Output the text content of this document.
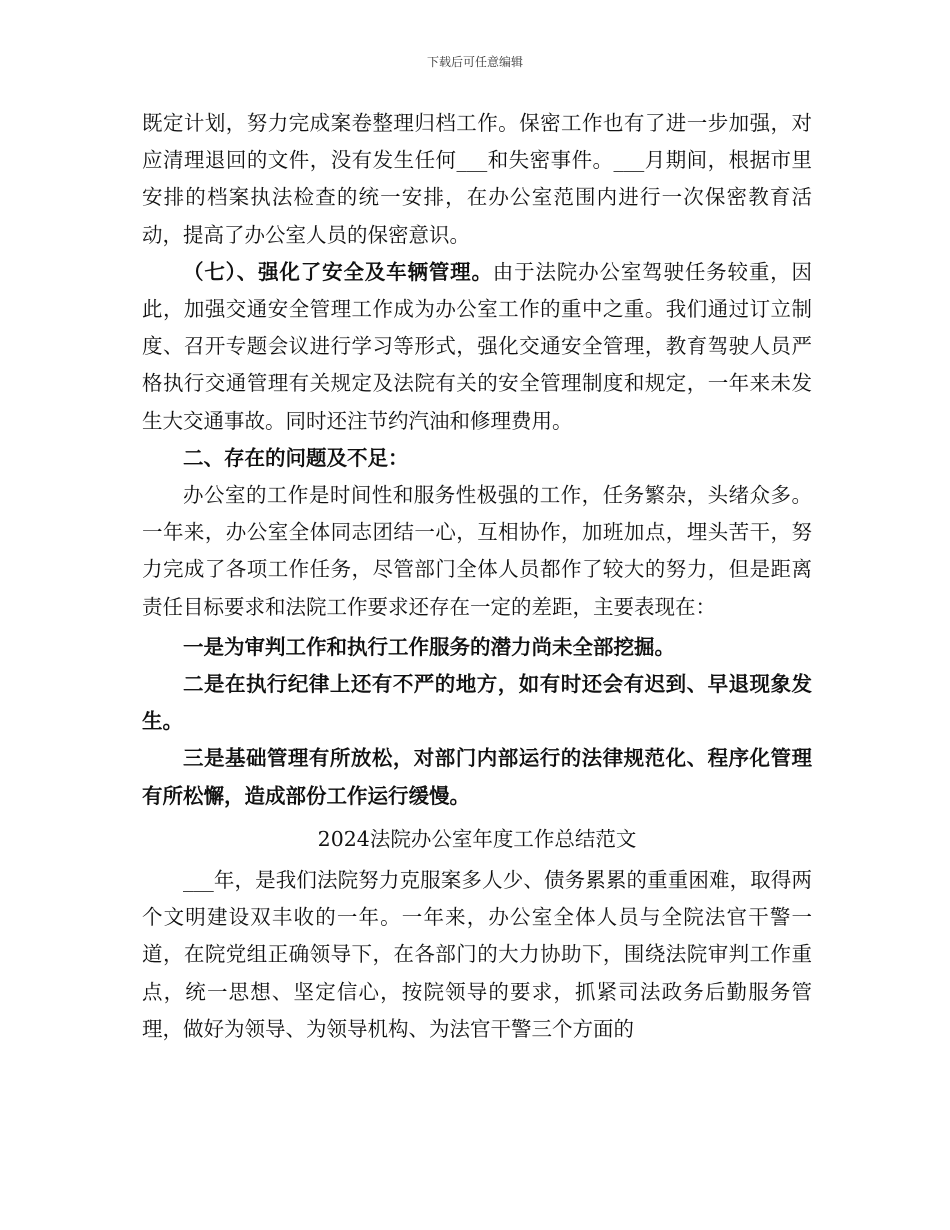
下载后可任意编辑

既定计划，努力完成案卷整理归档工作。保密工作也有了进一步加强，对应清理退回的文件，没有发生任何___和失密事件。___月期间，根据市里安排的档案执法检查的统一安排，在办公室范围内进行一次保密教育活动，提高了办公室人员的保密意识。

（七）、强化了安全及车辆管理。由于法院办公室驾驶任务较重，因此，加强交通安全管理工作成为办公室工作的重中之重。我们通过订立制度、召开专题会议进行学习等形式，强化交通安全管理，教育驾驶人员严格执行交通管理有关规定及法院有关的安全管理制度和规定，一年来未发生大交通事故。同时还注节约汽油和修理费用。

二、存在的问题及不足：

办公室的工作是时间性和服务性极强的工作，任务繁杂，头绪众多。一年来，办公室全体同志团结一心，互相协作，加班加点，埋头苦干，努力完成了各项工作任务，尽管部门全体人员都作了较大的努力，但是距离责任目标要求和法院工作要求还存在一定的差距，主要表现在：

一是为审判工作和执行工作服务的潜力尚未全部挖掘。

二是在执行纪律上还有不严的地方，如有时还会有迟到、早退现象发生。

三是基础管理有所放松，对部门内部运行的法律规范化、程序化管理有所松懈，造成部份工作运行缓慢。

2024法院办公室年度工作总结范文

___年，是我们法院努力克服案多人少、债务累累的重重困难，取得两个文明建设双丰收的一年。一年来，办公室全体人员与全院法官干警一道，在院党组正确领导下，在各部门的大力协助下，围绕法院审判工作重点，统一思想、坚定信心，按院领导的要求，抓紧司法政务后勤服务管理，做好为领导、为领导机构、为法官干警三个方面的
